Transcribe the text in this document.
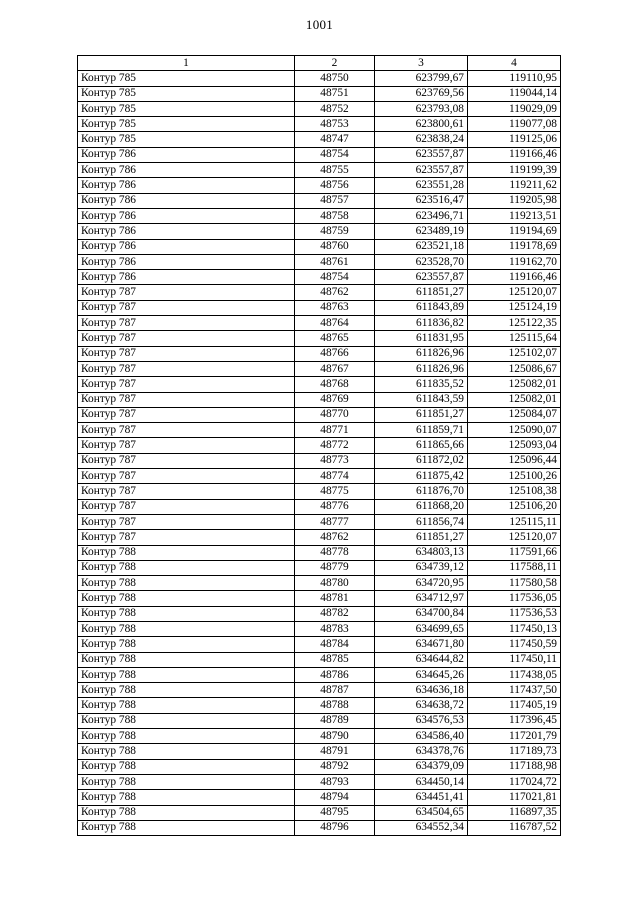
1001
1	2	3	4
Контур 785	48750	623799,67	119110,95
Контур 785	48751	623769,56	119044,14
Контур 785	48752	623793,08	119029,09
Контур 785	48753	623800,61	119077,08
Контур 785	48747	623838,24	119125,06
Контур 786	48754	623557,87	119166,46
Контур 786	48755	623557,87	119199,39
Контур 786	48756	623551,28	119211,62
Контур 786	48757	623516,47	119205,98
Контур 786	48758	623496,71	119213,51
Контур 786	48759	623489,19	119194,69
Контур 786	48760	623521,18	119178,69
Контур 786	48761	623528,70	119162,70
Контур 786	48754	623557,87	119166,46
Контур 787	48762	611851,27	125120,07
Контур 787	48763	611843,89	125124,19
Контур 787	48764	611836,82	125122,35
Контур 787	48765	611831,95	125115,64
Контур 787	48766	611826,96	125102,07
Контур 787	48767	611826,96	125086,67
Контур 787	48768	611835,52	125082,01
Контур 787	48769	611843,59	125082,01
Контур 787	48770	611851,27	125084,07
Контур 787	48771	611859,71	125090,07
Контур 787	48772	611865,66	125093,04
Контур 787	48773	611872,02	125096,44
Контур 787	48774	611875,42	125100,26
Контур 787	48775	611876,70	125108,38
Контур 787	48776	611868,20	125106,20
Контур 787	48777	611856,74	125115,11
Контур 787	48762	611851,27	125120,07
Контур 788	48778	634803,13	117591,66
Контур 788	48779	634739,12	117588,11
Контур 788	48780	634720,95	117580,58
Контур 788	48781	634712,97	117536,05
Контур 788	48782	634700,84	117536,53
Контур 788	48783	634699,65	117450,13
Контур 788	48784	634671,80	117450,59
Контур 788	48785	634644,82	117450,11
Контур 788	48786	634645,26	117438,05
Контур 788	48787	634636,18	117437,50
Контур 788	48788	634638,72	117405,19
Контур 788	48789	634576,53	117396,45
Контур 788	48790	634586,40	117201,79
Контур 788	48791	634378,76	117189,73
Контур 788	48792	634379,09	117188,98
Контур 788	48793	634450,14	117024,72
Контур 788	48794	634451,41	117021,81
Контур 788	48795	634504,65	116897,35
Контур 788	48796	634552,34	116787,52
